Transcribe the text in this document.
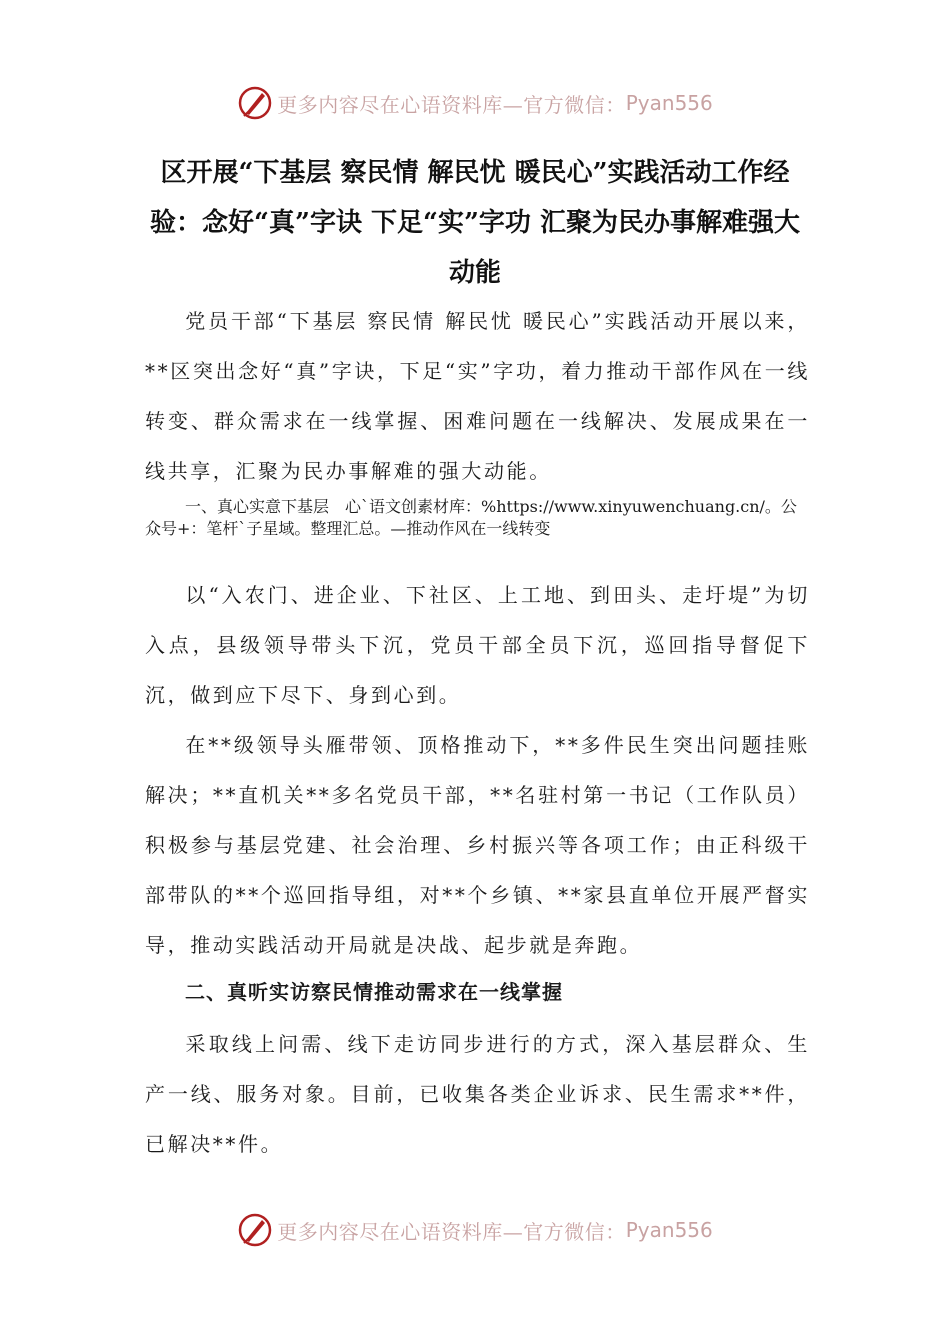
更多内容尽在心语资料库—官方微信： Pyan556
区开展“下基层 察民情 解民忧 暖民心”实践活动工作经验：念好“真”字诀 下足“实”字功 汇聚为民办事解难强大动能
党员干部“下基层 察民情 解民忧 暖民心”实践活动开展以来，**区突出念好“真”字诀，下足“实”字功，着力推动干部作风在一线转变、群众需求在一线掌握、困难问题在一线解决、发展成果在一线共享，汇聚为民办事解难的强大动能。
一、真心实意下基层　心`语文创素材库：%https://www.xinyuwenchuang.cn/。公众号+：笔杆`子星域。整理汇总。—推动作风在一线转变
以“入农门、进企业、下社区、上工地、到田头、走圩堤”为切入点，县级领导带头下沉，党员干部全员下沉，巡回指导督促下沉，做到应下尽下、身到心到。
在**级领导头雁带领、顶格推动下，**多件民生突出问题挂账解决；**直机关**多名党员干部，**名驻村第一书记（工作队员）积极参与基层党建、社会治理、乡村振兴等各项工作；由正科级干部带队的**个巡回指导组，对**个乡镇、**家县直单位开展严督实导，推动实践活动开局就是决战、起步就是奔跑。
二、真听实访察民情推动需求在一线掌握
采取线上问需、线下走访同步进行的方式，深入基层群众、生产一线、服务对象。目前，已收集各类企业诉求、民生需求**件，已解决**件。
更多内容尽在心语资料库—官方微信： Pyan556
